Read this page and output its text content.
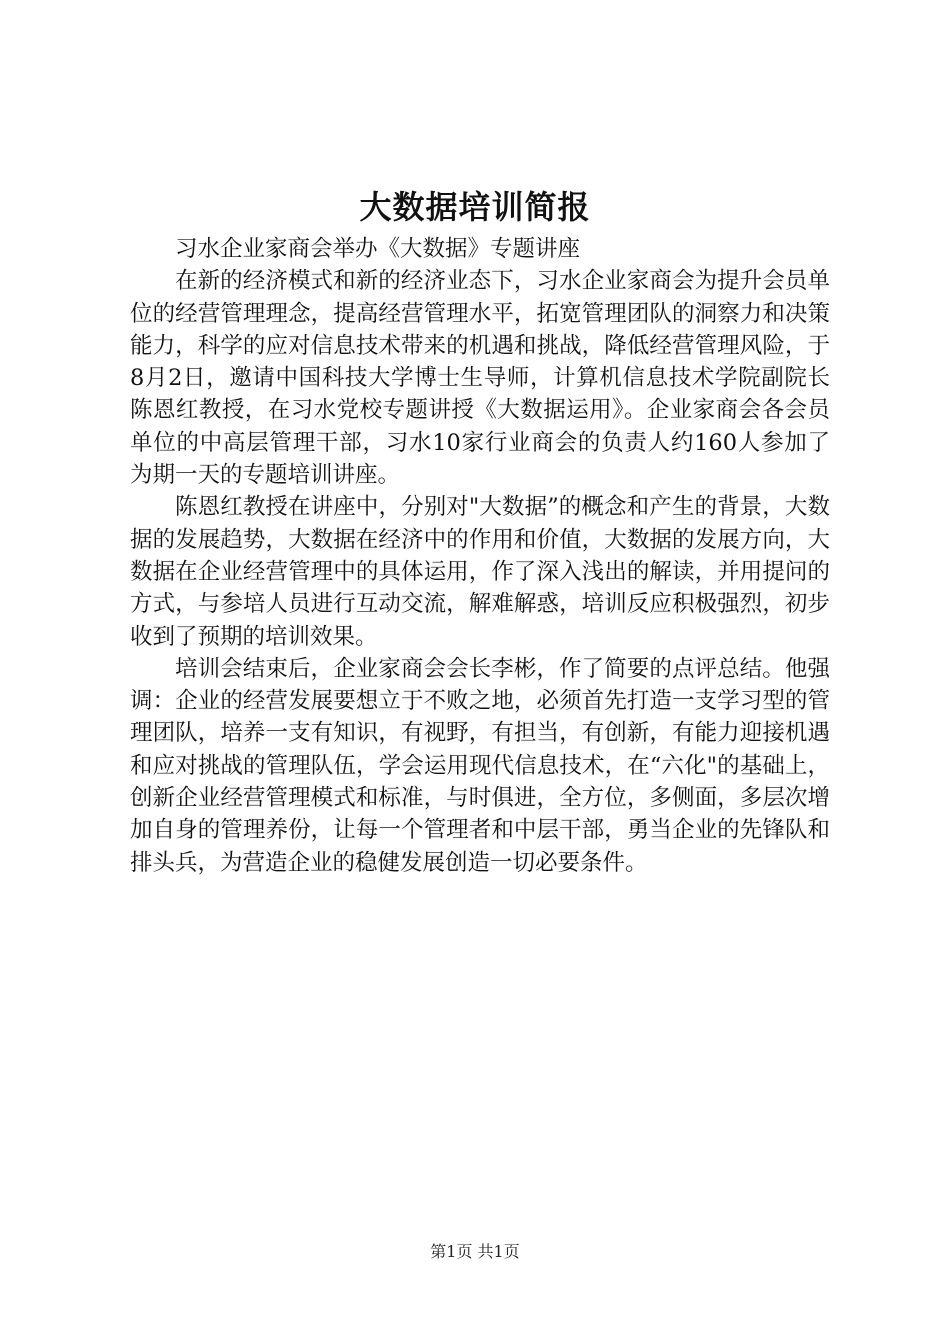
大数据培训简报

习水企业家商会举办《大数据》专题讲座

在新的经济模式和新的经济业态下，习水企业家商会为提升会员单位的经营管理理念，提高经营管理水平，拓宽管理团队的洞察力和决策能力，科学的应对信息技术带来的机遇和挑战，降低经营管理风险，于8月2日，邀请中国科技大学博士生导师，计算机信息技术学院副院长陈恩红教授，在习水党校专题讲授《大数据运用》。企业家商会各会员单位的中高层管理干部，习水10家行业商会的负责人约160人参加了为期一天的专题培训讲座。

陈恩红教授在讲座中，分别对"大数据”的概念和产生的背景，大数据的发展趋势，大数据在经济中的作用和价值，大数据的发展方向，大数据在企业经营管理中的具体运用，作了深入浅出的解读，并用提问的方式，与参培人员进行互动交流，解难解惑，培训反应积极强烈，初步收到了预期的培训效果。

培训会结束后，企业家商会会长李彬，作了简要的点评总结。他强调：企业的经营发展要想立于不败之地，必须首先打造一支学习型的管理团队，培养一支有知识，有视野，有担当，有创新，有能力迎接机遇和应对挑战的管理队伍，学会运用现代信息技术，在“六化"的基础上，创新企业经营管理模式和标准，与时俱进，全方位，多侧面，多层次增加自身的管理养份，让每一个管理者和中层干部，勇当企业的先锋队和排头兵，为营造企业的稳健发展创造一切必要条件。

第1页 共1页
